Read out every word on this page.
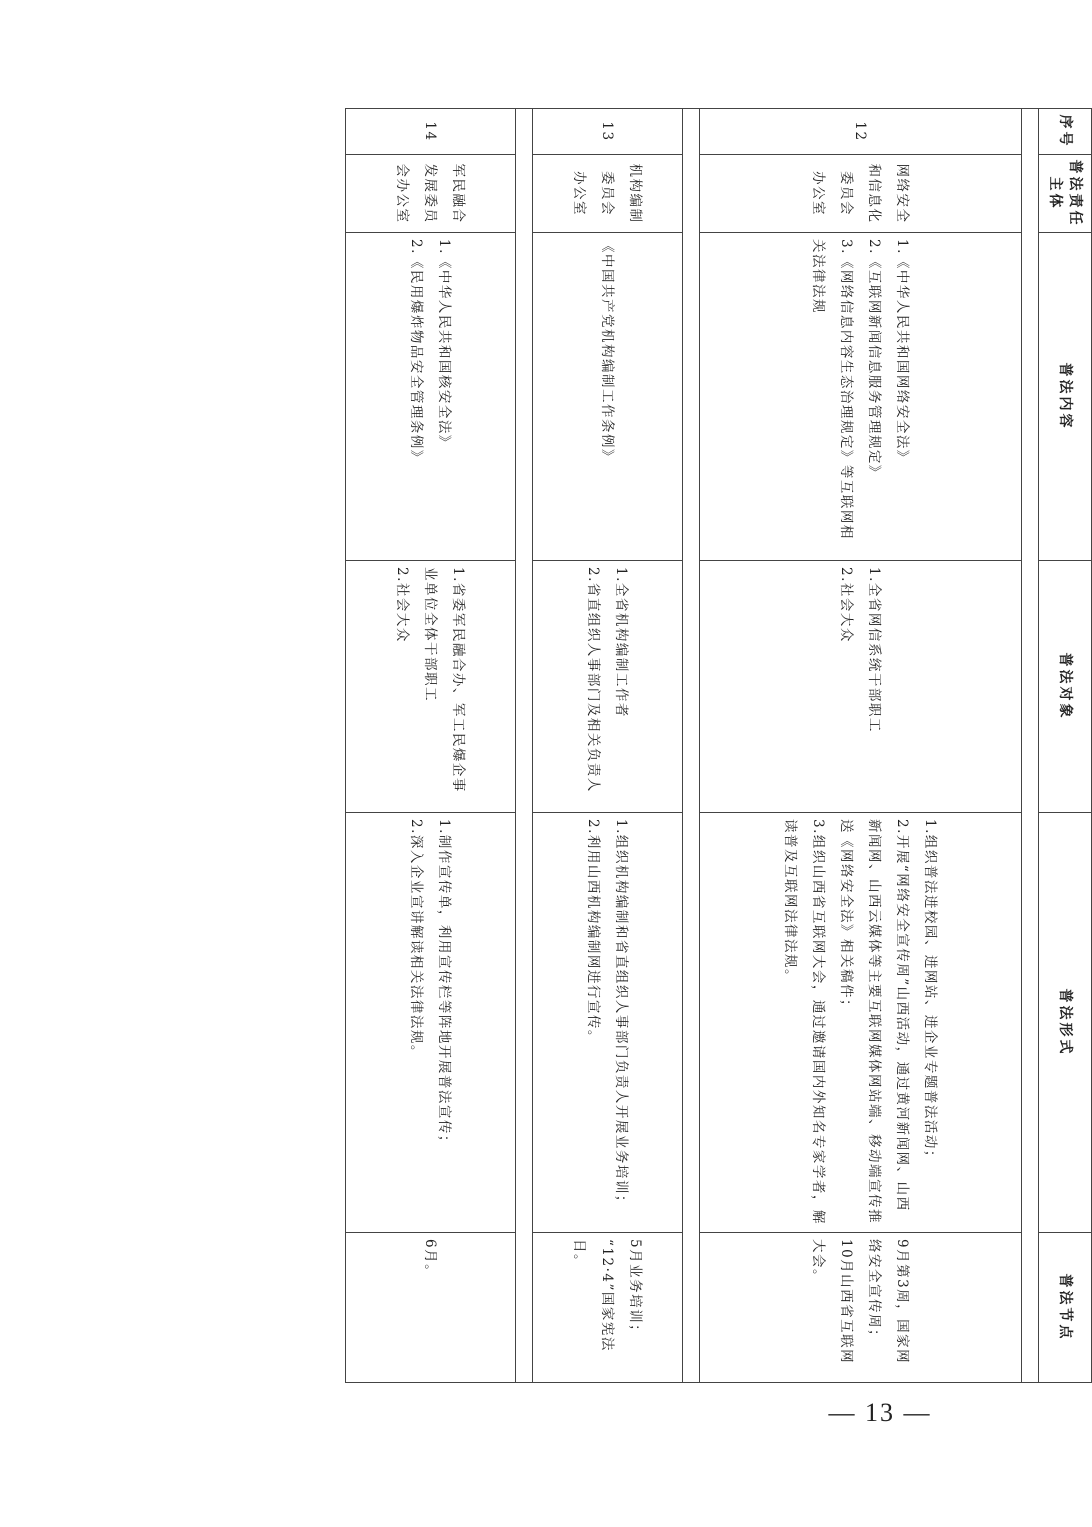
序号	普法责任主体	普法内容	普法对象	普法形式	普法节点

12	网络安全
和信息化
委员会
办公室	1.《中华人民共和国网络安全法》
2.《互联网新闻信息服务管理规定》
3.《网络信息内容生态治理规定》等互联网相关法律法规	1.全省网信系统干部职工
2.社会大众	1.组织普法进校园、进网站、进企业专题普法活动；
2.开展“网络安全宣传周”山西活动，通过黄河新闻网、山西新闻网、山西云媒体等主要互联网媒体网站端、移动端宣传推送《网络安全法》相关稿件；
3.组织山西省互联网大会，通过邀请国内外知名专家学者，解读普及互联网法律法规。	9月第3周，国家网络安全宣传周；
10月山西省互联网大会。

13	机构编制
委员会
办公室	《中国共产党机构编制工作条例》	1.全省机构编制工作者
2.省直组织人事部门及相关负责人	1.组织机构编制和省直组织人事部门负责人开展业务培训；
2.利用山西机构编制网进行宣传。	5月业务培训；
“12·4”国家宪法日。

14	军民融合
发展委员
会办公室	1.《中华人民共和国核安全法》
2.《民用爆炸物品安全管理条例》	1.省委军民融合办、军工民爆企事业单位全体干部职工
2.社会大众	1.制作宣传单，利用宣传栏等阵地开展普法宣传；
2.深入企业宣讲解读相关法律法规。	6月。
— 13 —
